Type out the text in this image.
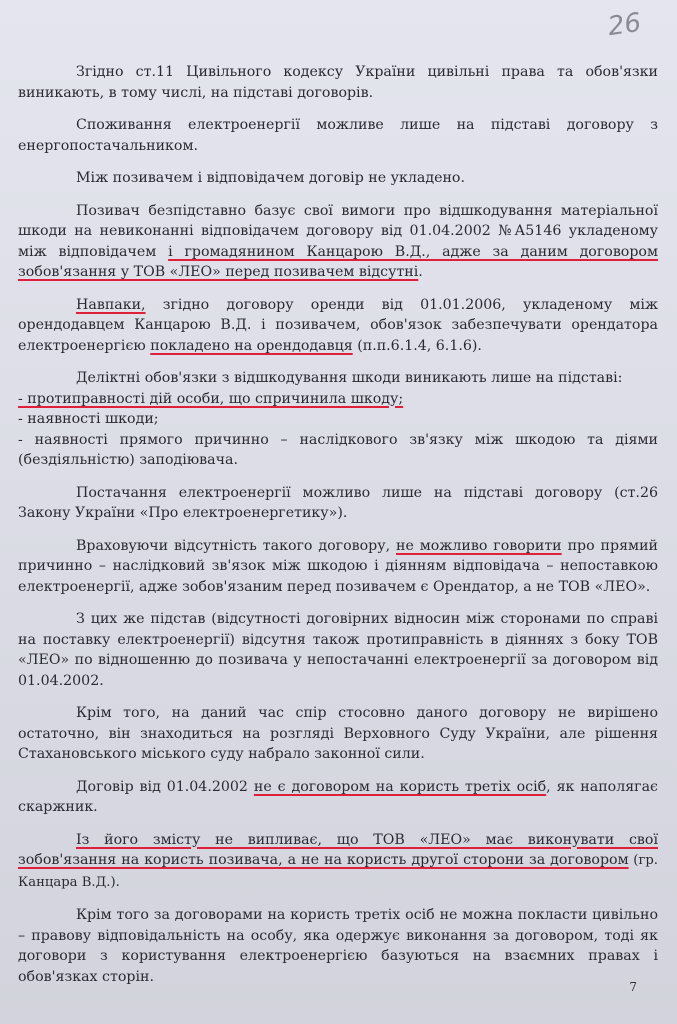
26

Згідно ст.11 Цивільного кодексу України цивільні права та обов'язки виникають, в тому числі, на підставі договорів.

Споживання електроенергії можливе лише на підставі договору з енергопостачальником.

Між позивачем і відповідачем договір не укладено.

Позивач безпідставно базує свої вимоги про відшкодування матеріальної шкоди на невиконанні відповідачем договору від 01.04.2002 №А5146 укладеному між відповідачем і громадянином Канцарою В.Д., адже за даним договором зобов'язання у ТОВ «ЛЕО» перед позивачем відсутні.

Навпаки, згідно договору оренди від 01.01.2006, укладеному між орендодавцем Канцарою В.Д. і позивачем, обов'язок забезпечувати орендатора електроенергією покладено на орендодавця (п.п.6.1.4, 6.1.6).

Деліктні обов'язки з відшкодування шкоди виникають лише на підставі:
- протиправності дій особи, що спричинила шкоду;
- наявності шкоди;
- наявності прямого причинно – наслідкового зв'язку між шкодою та діями (бездіяльністю) заподіювача.

Постачання електроенергії можливо лише на підставі договору (ст.26 Закону України «Про електроенергетику»).

Враховуючи відсутність такого договору, не можливо говорити про прямий причинно – наслідковий зв'язок між шкодою і діянням відповідача – непоставкою електроенергії, адже зобов'язаним перед позивачем є Орендатор, а не ТОВ «ЛЕО».

З цих же підстав (відсутності договірних відносин між сторонами по справі на поставку електроенергії) відсутня також протиправність в діяннях з боку ТОВ «ЛЕО» по відношенню до позивача у непостачанні електроенергії за договором від 01.04.2002.

Крім того, на даний час спір стосовно даного договору не вирішено остаточно, він знаходиться на розгляді Верховного Суду України, але рішення Стахановського міського суду набрало законної сили.

Договір від 01.04.2002 не є договором на користь третіх осіб, як наполягає скаржник.

Із його змісту не випливає, що ТОВ «ЛЕО» має виконувати свої зобов'язання на користь позивача, а не на користь другої сторони за договором (гр. Канцара В.Д.).

Крім того за договорами на користь третіх осіб не можна покласти цивільно – правову відповідальність на особу, яка одержує виконання за договором, тоді як договори з користування електроенергією базуються на взаємних правах і обов'язках сторін.

7
